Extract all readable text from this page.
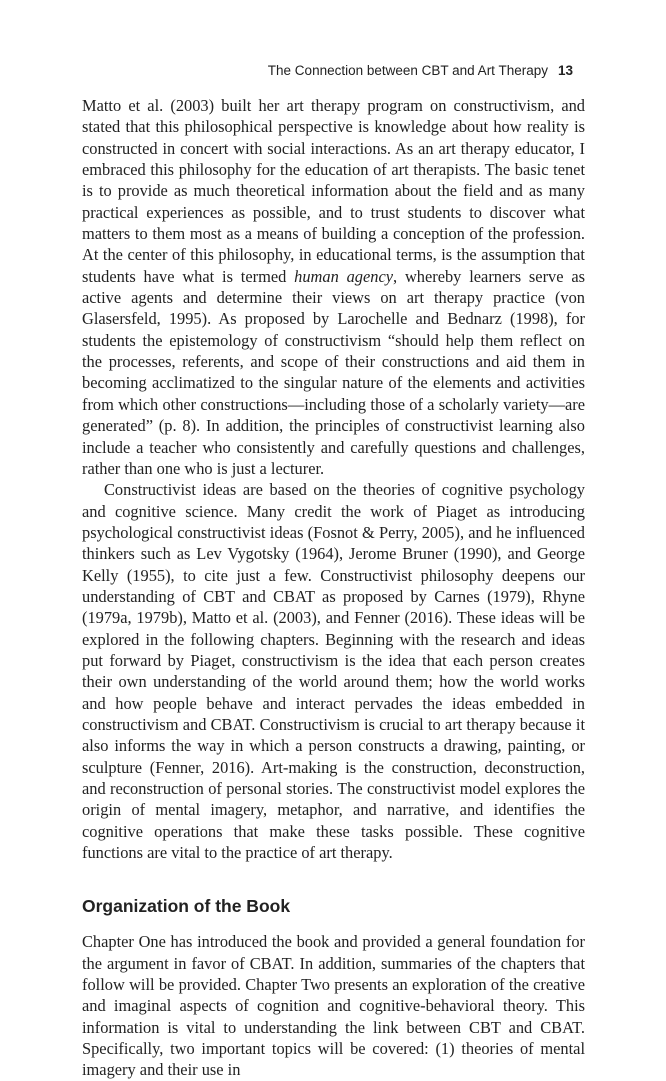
The Connection between CBT and Art Therapy 13

Matto et al. (2003) built her art therapy program on constructivism, and stated that this philosophical perspective is knowledge about how reality is constructed in concert with social interactions. As an art therapy educator, I embraced this philosophy for the education of art therapists. The basic tenet is to provide as much theoretical information about the field and as many practical experiences as possible, and to trust students to discover what matters to them most as a means of building a conception of the profession. At the center of this philosophy, in educational terms, is the assumption that students have what is termed human agency, whereby learners serve as active agents and determine their views on art therapy practice (von Glasersfeld, 1995). As proposed by Larochelle and Bednarz (1998), for students the epistemology of constructivism “should help them reflect on the processes, referents, and scope of their constructions and aid them in becoming acclimatized to the singular nature of the elements and activities from which other constructions—including those of a scholarly variety—are generated” (p. 8). In addition, the principles of constructivist learning also include a teacher who consistently and carefully questions and challenges, rather than one who is just a lecturer.

Constructivist ideas are based on the theories of cognitive psychology and cognitive science. Many credit the work of Piaget as introducing psychological constructivist ideas (Fosnot & Perry, 2005), and he influenced thinkers such as Lev Vygotsky (1964), Jerome Bruner (1990), and George Kelly (1955), to cite just a few. Constructivist philosophy deepens our understanding of CBT and CBAT as proposed by Carnes (1979), Rhyne (1979a, 1979b), Matto et al. (2003), and Fenner (2016). These ideas will be explored in the following chapters. Beginning with the research and ideas put forward by Piaget, constructivism is the idea that each person creates their own understanding of the world around them; how the world works and how people behave and interact pervades the ideas embedded in constructivism and CBAT. Constructivism is crucial to art therapy because it also informs the way in which a person constructs a drawing, painting, or sculpture (Fenner, 2016). Art-making is the construction, deconstruction, and reconstruction of personal stories. The constructivist model explores the origin of mental imagery, metaphor, and narrative, and identifies the cognitive operations that make these tasks possible. These cognitive functions are vital to the practice of art therapy.

Organization of the Book

Chapter One has introduced the book and provided a general foundation for the argument in favor of CBAT. In addition, summaries of the chapters that follow will be provided. Chapter Two presents an exploration of the creative and imaginal aspects of cognition and cognitive-behavioral theory. This information is vital to understanding the link between CBT and CBAT. Specifically, two important topics will be covered: (1) theories of mental imagery and their use in
